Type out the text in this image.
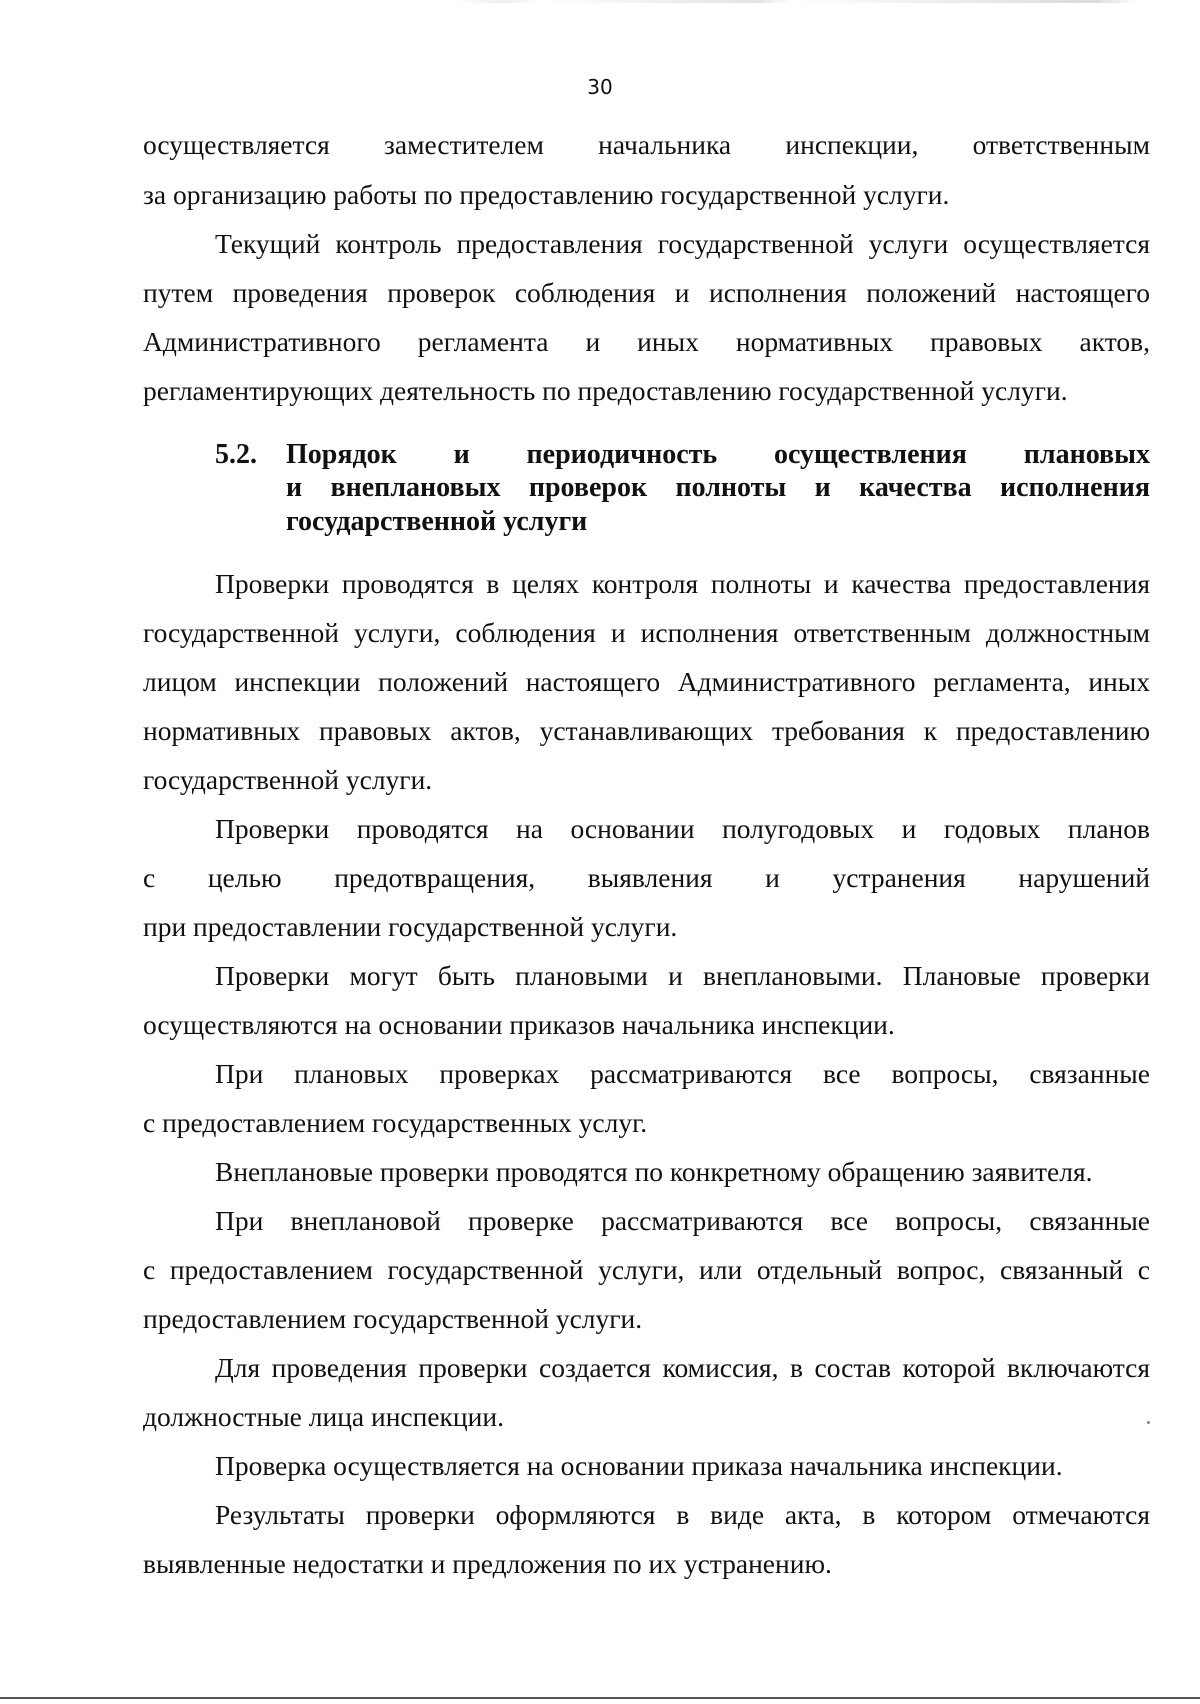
30
осуществляется заместителем начальника инспекции, ответственным
за организацию работы по предоставлению государственной услуги.
Текущий контроль предоставления государственной услуги осуществляется
путем проведения проверок соблюдения и исполнения положений настоящего
Административного регламента и иных нормативных правовых актов,
регламентирующих деятельность по предоставлению государственной услуги.
5.2. Порядок и периодичность осуществления плановых
и внеплановых проверок полноты и качества исполнения
государственной услуги
Проверки проводятся в целях контроля полноты и качества предоставления
государственной услуги, соблюдения и исполнения ответственным должностным
лицом инспекции положений настоящего Административного регламента, иных
нормативных правовых актов, устанавливающих требования к предоставлению
государственной услуги.
Проверки проводятся на основании полугодовых и годовых планов
с целью предотвращения, выявления и устранения нарушений
при предоставлении государственной услуги.
Проверки могут быть плановыми и внеплановыми. Плановые проверки
осуществляются на основании приказов начальника инспекции.
При плановых проверках рассматриваются все вопросы, связанные
с предоставлением государственных услуг.
Внеплановые проверки проводятся по конкретному обращению заявителя.
При внеплановой проверке рассматриваются все вопросы, связанные
с предоставлением государственной услуги, или отдельный вопрос, связанный с
предоставлением государственной услуги.
Для проведения проверки создается комиссия, в состав которой включаются
должностные лица инспекции.
Проверка осуществляется на основании приказа начальника инспекции.
Результаты проверки оформляются в виде акта, в котором отмечаются
выявленные недостатки и предложения по их устранению.
